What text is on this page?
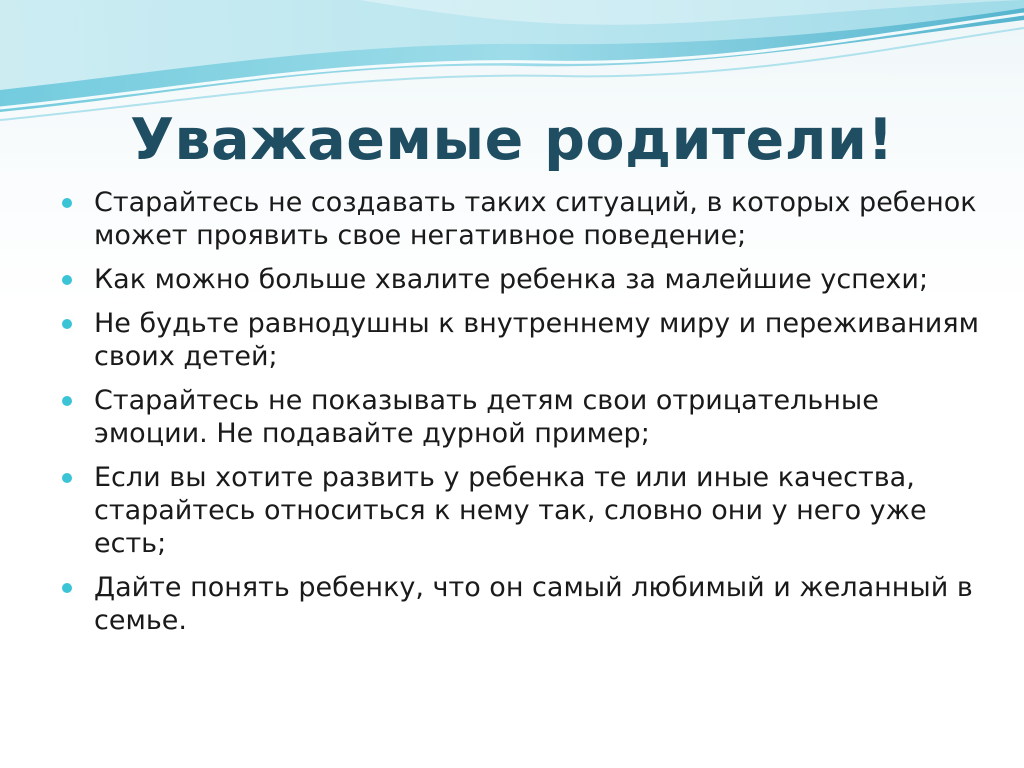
Уважаемые родители!
Старайтесь не создавать таких ситуаций, в которых ребенок может проявить свое негативное поведение;
Как можно больше хвалите ребенка за малейшие успехи;
Не будьте равнодушны к внутреннему миру и переживаниям своих детей;
Старайтесь не показывать детям свои отрицательные эмоции. Не подавайте дурной пример;
Если вы хотите развить у ребенка те или иные качества, старайтесь относиться к нему так, словно они у него уже есть;
Дайте понять ребенку, что он самый любимый и желанный в семье.
